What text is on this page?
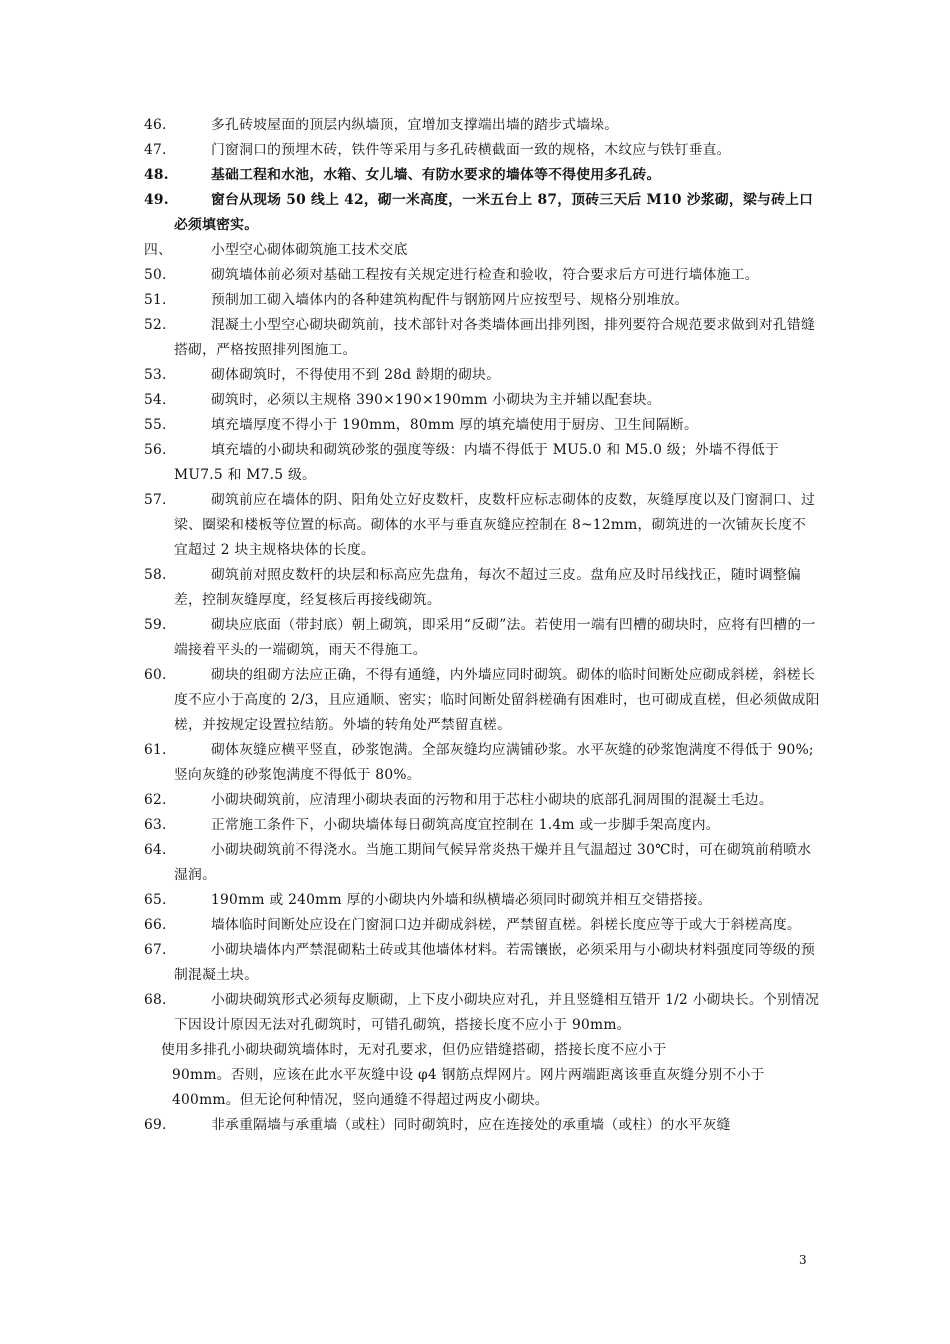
46.	多孔砖坡屋面的顶层内纵墙顶，宜增加支撑端出墙的踏步式墙垛。
47.	门窗洞口的预埋木砖，铁件等采用与多孔砖横截面一致的规格，木纹应与铁钉垂直。
48.	基础工程和水池，水箱、女儿墙、有防水要求的墙体等不得使用多孔砖。
49.	窗台从现场 50 线上 42，砌一米高度，一米五台上 87，顶砖三天后 M10 沙浆砌，梁与砖上口必须填密实。
四、	小型空心砌体砌筑施工技术交底
50.	砌筑墙体前必须对基础工程按有关规定进行检查和验收，符合要求后方可进行墙体施工。
51.	预制加工砌入墙体内的各种建筑构配件与钢筋网片应按型号、规格分别堆放。
52.	混凝土小型空心砌块砌筑前，技术部针对各类墙体画出排列图，排列要符合规范要求做到对孔错缝搭砌，严格按照排列图施工。
53.	砌体砌筑时，不得使用不到 28d 龄期的砌块。
54.	砌筑时，必须以主规格 390×190×190mm 小砌块为主并辅以配套块。
55.	填充墙厚度不得小于 190mm，80mm 厚的填充墙使用于厨房、卫生间隔断。
56.	填充墙的小砌块和砌筑砂浆的强度等级：内墙不得低于 MU5.0 和 M5.0 级；外墙不得低于 MU7.5 和 M7.5 级。
57.	砌筑前应在墙体的阴、阳角处立好皮数杆，皮数杆应标志砌体的皮数，灰缝厚度以及门窗洞口、过梁、圈梁和楼板等位置的标高。砌体的水平与垂直灰缝应控制在 8~12mm，砌筑进的一次铺灰长度不宜超过 2 块主规格块体的长度。
58.	砌筑前对照皮数杆的块层和标高应先盘角，每次不超过三皮。盘角应及时吊线找正，随时调整偏差，控制灰缝厚度，经复核后再接线砌筑。
59.	砌块应底面（带封底）朝上砌筑，即采用“反砌”法。若使用一端有凹槽的砌块时，应将有凹槽的一端接着平头的一端砌筑，雨天不得施工。
60.	砌块的组砌方法应正确，不得有通缝，内外墙应同时砌筑。砌体的临时间断处应砌成斜槎，斜槎长度不应小于高度的 2/3，且应通顺、密实；临时间断处留斜槎确有困难时，也可砌成直槎，但必须做成阳槎，并按规定设置拉结筋。外墙的转角处严禁留直槎。
61.	砌体灰缝应横平竖直，砂浆饱满。全部灰缝均应满铺砂浆。水平灰缝的砂浆饱满度不得低于 90%;竖向灰缝的砂浆饱满度不得低于 80%。
62.	小砌块砌筑前，应清理小砌块表面的污物和用于芯柱小砌块的底部孔洞周围的混凝土毛边。
63.	正常施工条件下，小砌块墙体每日砌筑高度宜控制在 1.4m 或一步脚手架高度内。
64.	小砌块砌筑前不得浇水。当施工期间气候异常炎热干燥并且气温超过 30℃时，可在砌筑前稍喷水湿润。
65.	190mm 或 240mm 厚的小砌块内外墙和纵横墙必须同时砌筑并相互交错搭接。
66.	墙体临时间断处应设在门窗洞口边并砌成斜槎，严禁留直槎。斜槎长度应等于或大于斜槎高度。
67.	小砌块墙体内严禁混砌粘土砖或其他墙体材料。若需镶嵌，必须采用与小砌块材料强度同等级的预制混凝土块。
68.	小砌块砌筑形式必须每皮顺砌，上下皮小砌块应对孔，并且竖缝相互错开 1/2 小砌块长。个别情况下因设计原因无法对孔砌筑时，可错孔砌筑，搭接长度不应小于 90mm。
使用多排孔小砌块砌筑墙体时，无对孔要求，但仍应错缝搭砌，搭接长度不应小于
90mm。否则，应该在此水平灰缝中设 φ4 钢筋点焊网片。网片两端距离该垂直灰缝分别不小于 400mm。但无论何种情况，竖向通缝不得超过两皮小砌块。
69.	非承重隔墙与承重墙（或柱）同时砌筑时，应在连接处的承重墙（或柱）的水平灰缝
3
